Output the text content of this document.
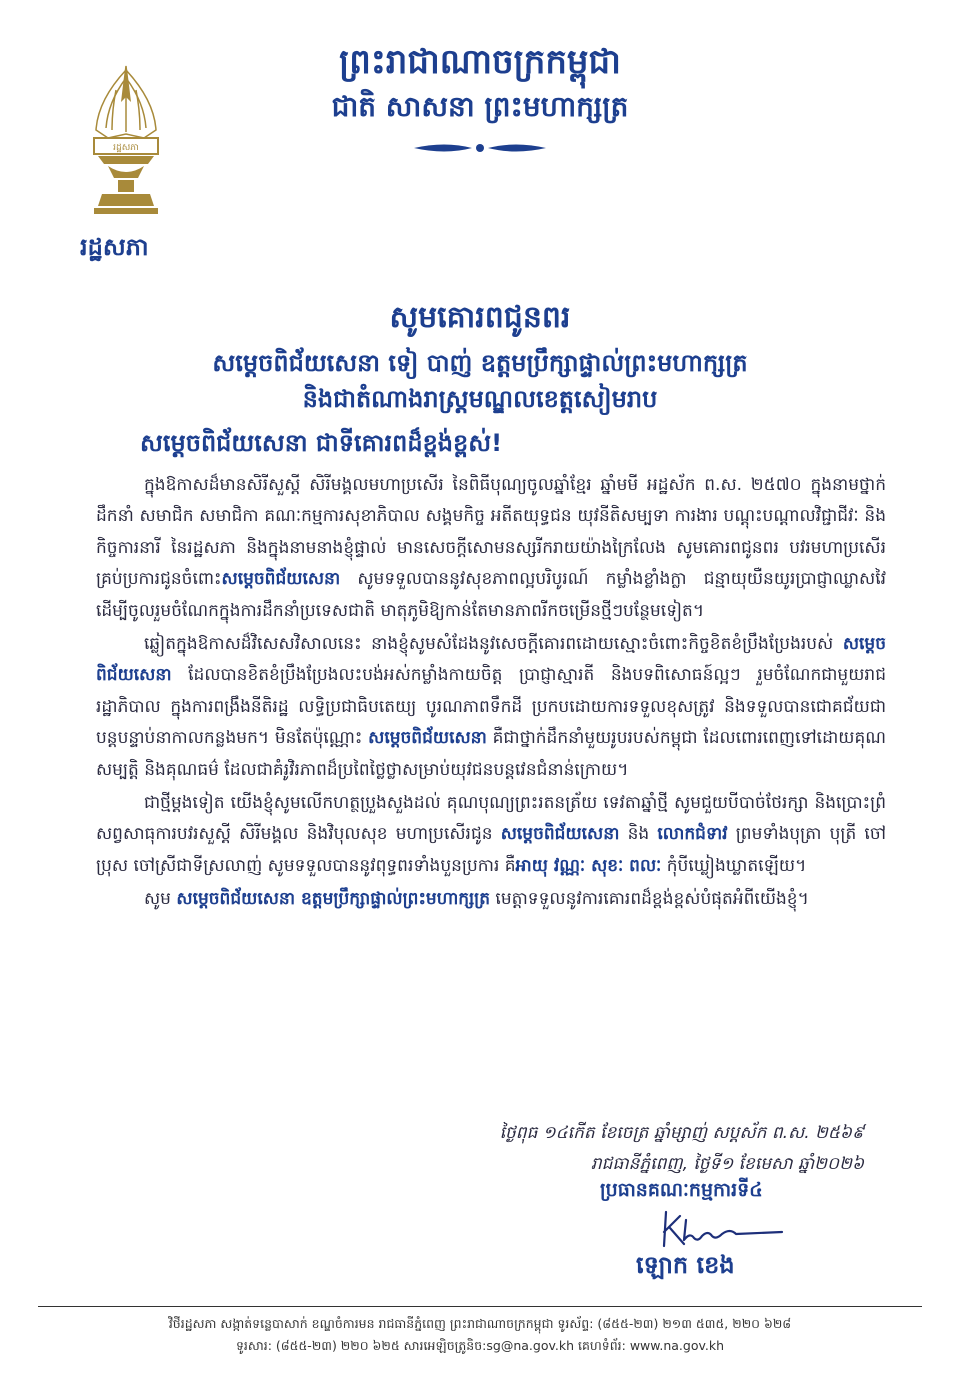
ព្រះរាជាណាចក្រកម្ពុជា
ជាតិ សាសនា ព្រះមហាក្សត្រ
រដ្ឋសភា
រដ្ឋសភា
សូមគោរពជូនពរ
សម្តេចពិជ័យសេនា ទៀ បាញ់ ឧត្តមប្រឹក្សាផ្ទាល់ព្រះមហាក្សត្រ
និងជាតំណាងរាស្ត្រមណ្ឌលខេត្តសៀមរាប
សម្តេចពិជ័យសេនា ជាទីគោរពដ៏ខ្ពង់ខ្ពស់!

ក្នុងឱកាសដ៏មានសិរីសួស្តី សិរីមង្គលមហាប្រសើរ នៃពិធីបុណ្យចូលឆ្នាំខ្មែរ ឆ្នាំមមី អដ្ឋស័ក ព.ស. ២៥៧០ ក្នុងនាមថ្នាក់ដឹកនាំ សមាជិក សមាជិកា គណៈកម្មការសុខាភិបាល សង្គមកិច្ច អតីតយុទ្ធជន យុវនីតិសម្បទា ការងារ បណ្តុះបណ្តាលវិជ្ជាជីវៈ និងកិច្ចការនារី នៃរដ្ឋសភា និងក្នុងនាមនាងខ្ញុំផ្ទាល់ មានសេចក្តីសោមនស្សរីករាយយ៉ាងក្រៃលែង សូមគោរពជូនពរ បវរមហាប្រសើរគ្រប់ប្រការជូនចំពោះសម្តេចពិជ័យសេនា សូមទទួលបាននូវសុខភាពល្អបរិបូរណ៍ កម្លាំងខ្លាំងក្លា ជន្មាយុយឺនយូរប្រាជ្ញាឈ្លាសវៃ ដើម្បីចូលរួមចំណែកក្នុងការដឹកនាំប្រទេសជាតិ មាតុភូមិឱ្យកាន់តែមានភាពរីកចម្រើនថ្មីៗបន្ថែមទៀត។

ឆ្លៀតក្នុងឱកាសដ៏វិសេសវិសាលនេះ នាងខ្ញុំសូមសំដែងនូវសេចក្តីគោរពដោយស្មោះចំពោះកិច្ចខិតខំប្រឹងប្រែងរបស់ សម្តេចពិជ័យសេនា ដែលបានខិតខំប្រឹងប្រែងលះបង់អស់កម្លាំងកាយចិត្ត ប្រាជ្ញាស្មារតី និងបទពិសោធន៍ល្អៗ រួមចំណែកជាមួយរាជរដ្ឋាភិបាល ក្នុងការពង្រឹងនីតិរដ្ឋ លទ្ធិប្រជាធិបតេយ្យ បូរណភាពទឹកដី ប្រកបដោយការទទួលខុសត្រូវ និងទទួលបានជោគជ័យជាបន្តបន្ទាប់នាកាលកន្លងមក។ មិនតែប៉ុណ្ណោះ សម្តេចពិជ័យសេនា គឺជាថ្នាក់ដឹកនាំមួយរូបរបស់កម្ពុជា ដែលពោរពេញទៅដោយគុណសម្បត្តិ និងគុណធម៌ ដែលជាគំរូវិរភាពដ៏ប្រពៃថ្លៃថ្លាសម្រាប់យុវជនបន្តវេនជំនាន់ក្រោយ។

ជាថ្មីម្តងទៀត យើងខ្ញុំសូមលើកហត្ថប្រួងសួងដល់ គុណបុណ្យព្រះរតនត្រ័យ ទេវតាឆ្នាំថ្មី សូមជួយបីបាច់ថែរក្សា និងប្រោះព្រំសព្វសាធុការបវរសួស្តី សិរីមង្គល និងវិបុលសុខ មហាប្រសើរជូន សម្តេចពិជ័យសេនា និង លោកជំទាវ ព្រមទាំងបុត្រា បុត្រី ចៅប្រុស ចៅស្រីជាទីស្រលាញ់ សូមទទួលបាននូវពុទ្ធពរទាំងបួនប្រការ គឺអាយុ វណ្ណៈ សុខៈ ពលៈ កុំបីឃ្លៀងឃ្លាតឡើយ។

សូម សម្តេចពិជ័យសេនា ឧត្តមប្រឹក្សាផ្ទាល់ព្រះមហាក្សត្រ មេត្តាទទួលនូវការគោរពដ៏ខ្ពង់ខ្ពស់បំផុតអំពីយើងខ្ញុំ។

ថ្ងៃពុធ ១៤កើត ខែចេត្រ ឆ្នាំម្សាញ់ សប្តស័ក ព.ស. ២៥៦៩
រាជធានីភ្នំពេញ, ថ្ងៃទី១ ខែមេសា ឆ្នាំ២០២៦
ប្រធានគណៈកម្មការទី៤
ឡោក ខេង
វិថីរដ្ឋសភា សង្កាត់ទន្លេបាសាក់ ខណ្ឌចំការមន រាជធានីភ្នំពេញ ព្រះរាជាណាចក្រកម្ពុជា ទូរស័ព្ទ: (៨៥៥-២៣) ២១៣ ៥៣៥, ២២០ ៦២៨
ទូរសារ: (៨៥៥-២៣) ២២០ ៦២៥ សារអេឡិចត្រូនិច:sg@na.gov.kh គេហទំព័រ: www.na.gov.kh
